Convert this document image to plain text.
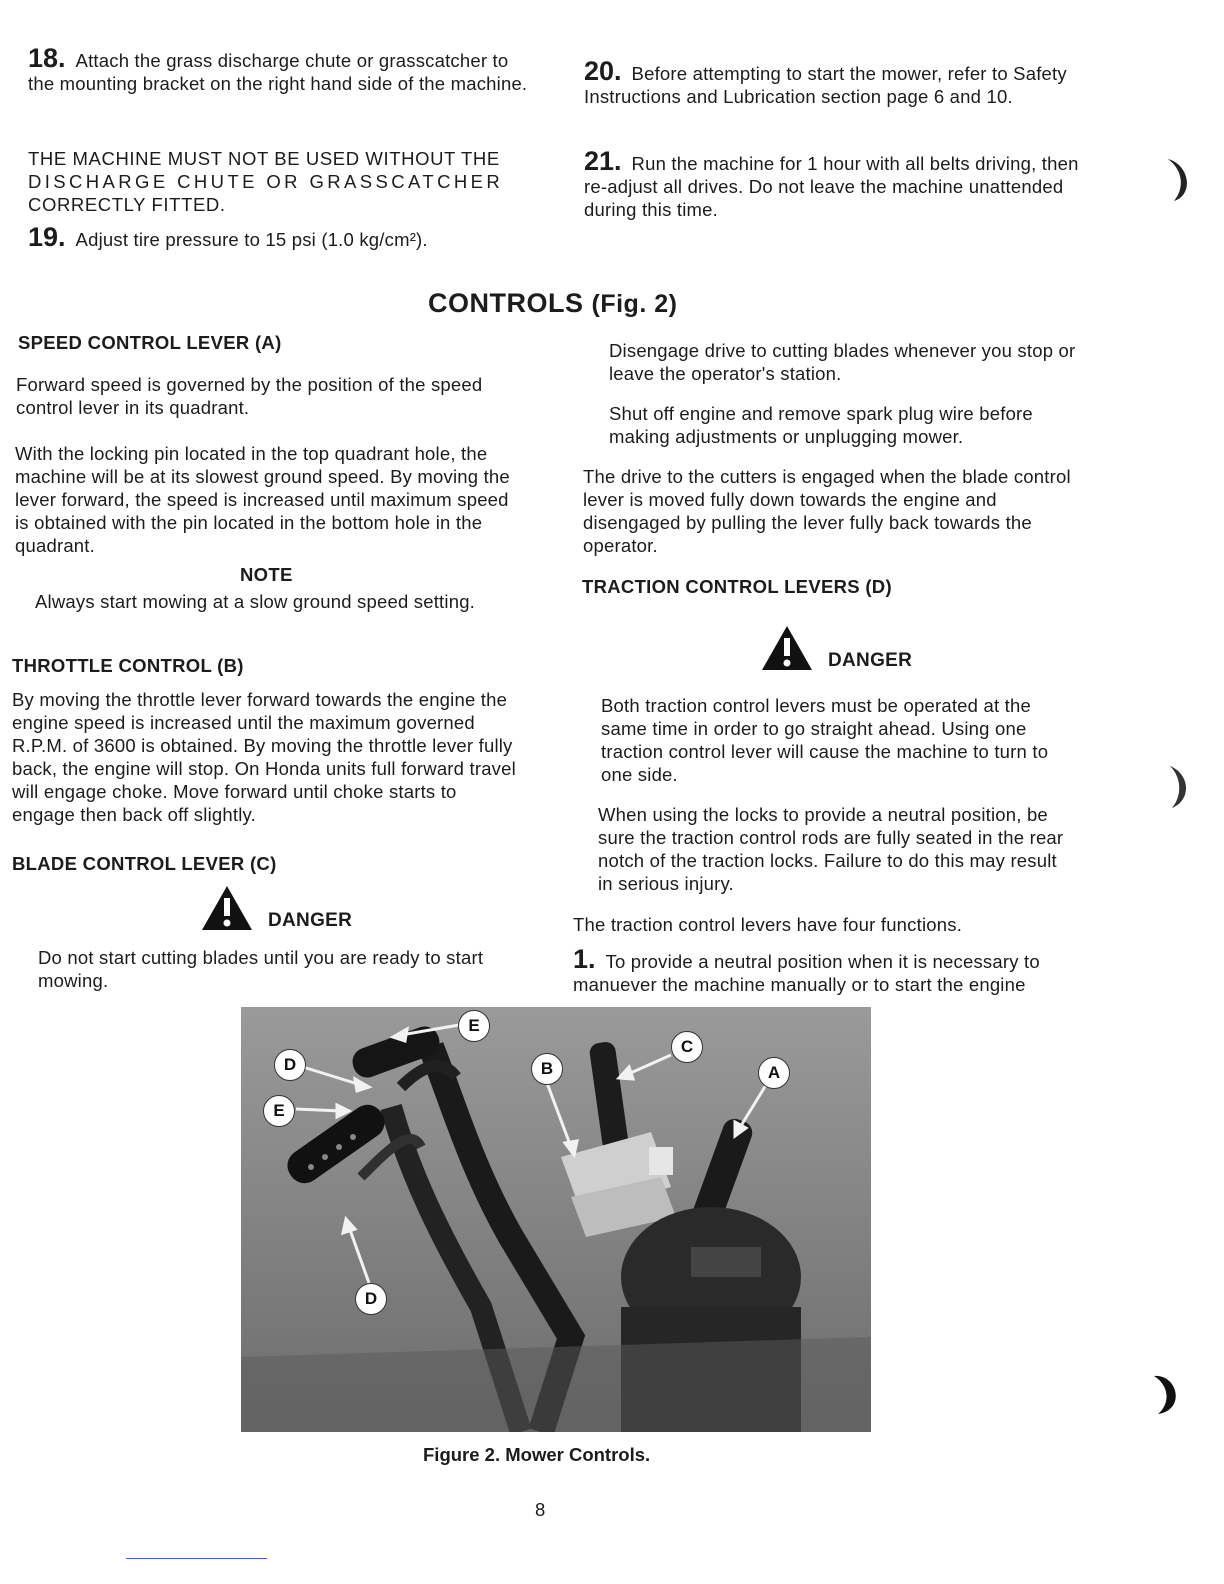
18. Attach the grass discharge chute or grasscatcher to the mounting bracket on the right hand side of the machine.

THE MACHINE MUST NOT BE USED WITHOUT THE

DISCHARGE CHUTE OR GRASSCATCHER

CORRECTLY FITTED.

19. Adjust tire pressure to 15 psi (1.0 kg/cm²).

20. Before attempting to start the mower, refer to Safety Instructions and Lubrication section page 6 and 10.

21. Run the machine for 1 hour with all belts driving, then re-adjust all drives. Do not leave the machine unattended during this time.

CONTROLS (Fig. 2)
SPEED CONTROL LEVER (A)
Forward speed is governed by the position of the speed control lever in its quadrant.
With the locking pin located in the top quadrant hole, the machine will be at its slowest ground speed. By moving the lever forward, the speed is increased until maximum speed is obtained with the pin located in the bottom hole in the quadrant.
NOTE
Always start mowing at a slow ground speed setting.
THROTTLE CONTROL (B)
By moving the throttle lever forward towards the engine the engine speed is increased until the maximum governed R.P.M. of 3600 is obtained. By moving the throttle lever fully back, the engine will stop. On Honda units full forward travel will engage choke. Move forward until choke starts to engage then back off slightly.
BLADE CONTROL LEVER (C)
DANGER
Do not start cutting blades until you are ready to start mowing.
Disengage drive to cutting blades whenever you stop or leave the operator's station.
Shut off engine and remove spark plug wire before making adjustments or unplugging mower.
The drive to the cutters is engaged when the blade control lever is moved fully down towards the engine and disengaged by pulling the lever fully back towards the operator.
TRACTION CONTROL LEVERS (D)
DANGER
Both traction control levers must be operated at the same time in order to go straight ahead. Using one traction control lever will cause the machine to turn to one side.
When using the locks to provide a neutral position, be sure the traction control rods are fully seated in the rear notch of the traction locks. Failure to do this may result in serious injury.
The traction control levers have four functions.

1. To provide a neutral position when it is necessary to manuever the machine manually or to start the engine

E
D
E
B
C
A
D
Figure 2. Mower Controls.
8
